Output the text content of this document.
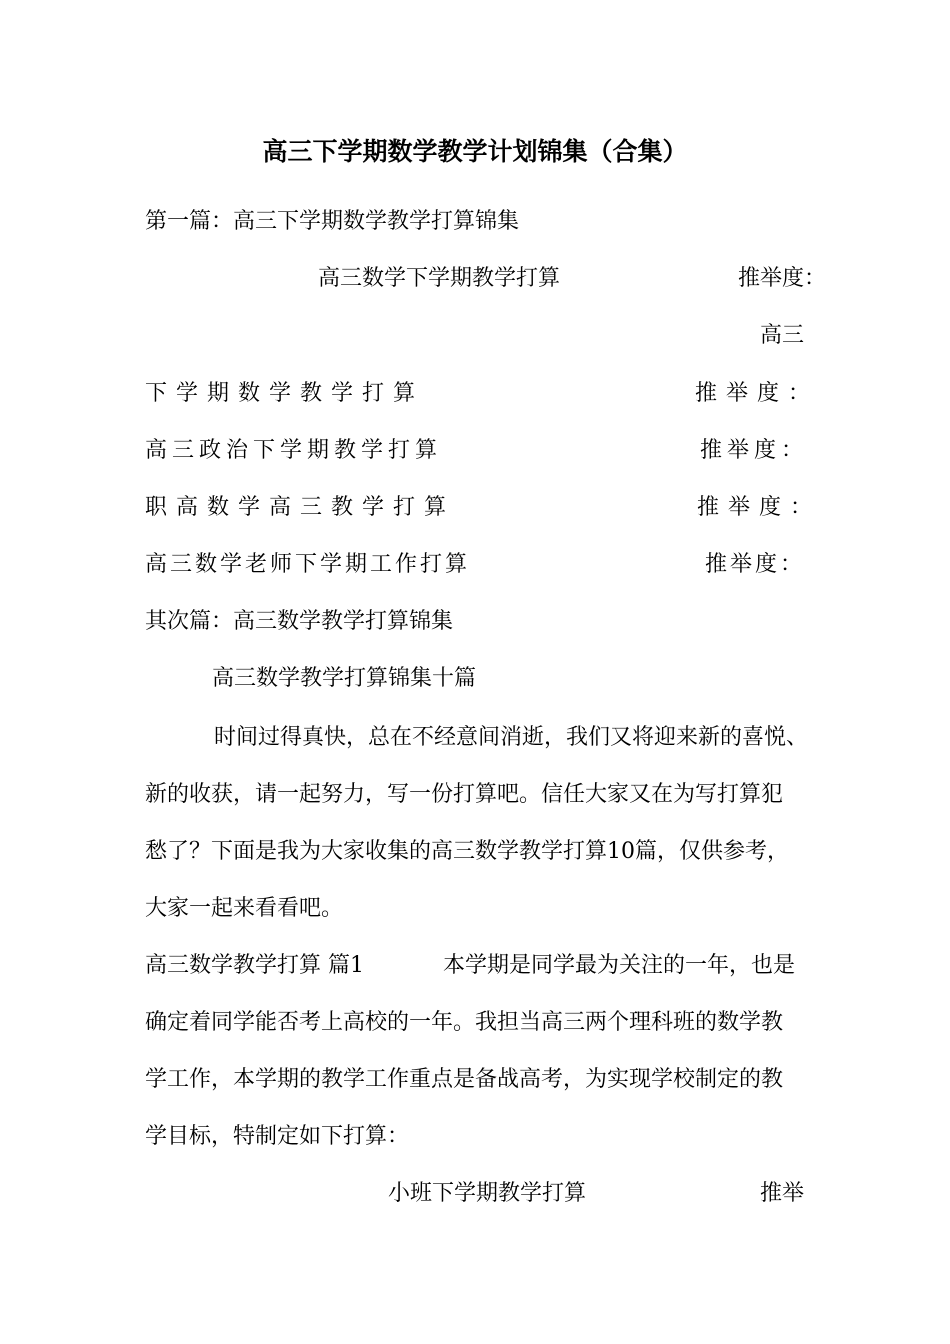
高三下学期数学教学计划锦集（合集）
第一篇：高三下学期数学教学打算锦集
高三数学下学期教学打算	推举度：
高三
下学期数学教学打算	推举度：
高三政治下学期教学打算	推举度：
职高数学高三教学打算	推举度：
高三数学老师下学期工作打算	推举度：
其次篇：高三数学教学打算锦集
高三数学教学打算锦集十篇
时间过得真快，总在不经意间消逝，我们又将迎来新的喜悦、
新的收获，请一起努力，写一份打算吧。信任大家又在为写打算犯
愁了？下面是我为大家收集的高三数学教学打算10篇，仅供参考，
大家一起来看看吧。
高三数学教学打算 篇1	本学期是同学最为关注的一年，也是
确定着同学能否考上高校的一年。我担当高三两个理科班的数学教
学工作，本学期的教学工作重点是备战高考，为实现学校制定的教
学目标，特制定如下打算：
小班下学期教学打算	推举
